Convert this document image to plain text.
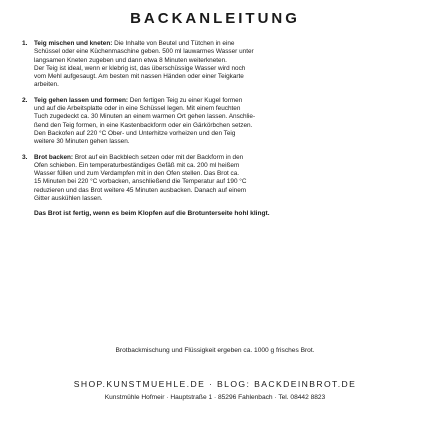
BACKANLEITUNG
1. Teig mischen und kneten: Die Inhalte von Beutel und Tütchen in eine
Schüssel oder eine Küchenmaschine geben. 500 ml lauwarmes Wasser unter
langsamen Kneten zugeben und dann etwa 8 Minuten weiterkneten.
Der Teig ist ideal, wenn er klebrig ist, das überschüssige Wasser wird noch
vom Mehl aufgesaugt. Am besten mit nassen Händen oder einer Teigkarte
arbeiten.
2. Teig gehen lassen und formen: Den fertigen Teig zu einer Kugel formen
und auf die Arbeitsplatte oder in eine Schüssel legen. Mit einem feuchten
Tuch zugedeckt ca. 30 Minuten an einem warmen Ort gehen lassen. Anschlie-
ßend den Teig formen, in eine Kastenbackform oder ein Gärkörbchen setzen.
Den Backofen auf 220 °C Ober- und Unterhitze vorheizen und den Teig
weitere 30 Minuten gehen lassen.
3. Brot backen: Brot auf ein Backblech setzen oder mit der Backform in den
Ofen schieben. Ein temperaturbeständiges Gefäß mit ca. 200 ml heißem
Wasser füllen und zum Verdampfen mit in den Ofen stellen. Das Brot ca.
15 Minuten bei 220 °C vorbacken, anschließend die Temperatur auf 190 °C
reduzieren und das Brot weitere 45 Minuten ausbacken. Danach auf einem
Gitter auskühlen lassen.
Das Brot ist fertig, wenn es beim Klopfen auf die Brotunterseite hohl klingt.
Brotbackmischung und Flüssigkeit ergeben ca. 1000 g frisches Brot.
SHOP.KUNSTMUEHLE.DE · BLOG: BACKDEINBROT.DE
Kunstmühle Hofmeir · Hauptstraße 1 · 85296 Fahlenbach · Tel. 08442 8823
